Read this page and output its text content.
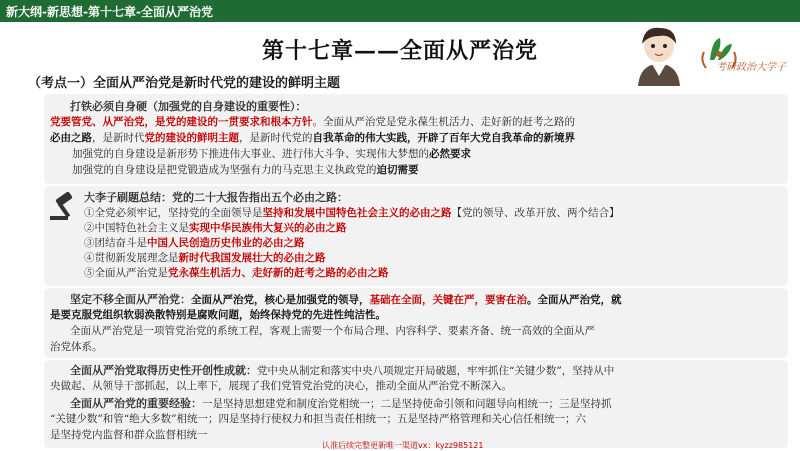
新大纲-新思想-第十七章-全面从严治党
第十七章——全面从严治党
考研政治大学子
（考点一）全面从严治党是新时代党的建设的鲜明主题
打铁必须自身硬（加强党的自身建设的重要性）：
党要管党、从严治党，是党的建设的一贯要求和根本方针。全面从严治党是党永葆生机活力、走好新的赶考之路的
必由之路，是新时代党的建设的鲜明主题，是新时代党的自我革命的伟大实践，开辟了百年大党自我革命的新境界
加强党的自身建设是新形势下推进伟大事业、进行伟大斗争、实现伟大梦想的必然要求
加强党的自身建设是把党锻造成为坚强有力的马克思主义执政党的迫切需要
大李子刷题总结：党的二十大报告指出五个必由之路：
①全党必须牢记，坚持党的全面领导是坚持和发展中国特色社会主义的必由之路【党的领导、改革开放、两个结合】
②中国特色社会主义是实现中华民族伟大复兴的必由之路
③团结奋斗是中国人民创造历史伟业的必由之路
④贯彻新发展理念是新时代我国发展壮大的必由之路
⑤全面从严治党是党永葆生机活力、走好新的赶考之路的必由之路
坚定不移全面从严治党：全面从严治党，核心是加强党的领导，基础在全面，关键在严，要害在治。全面从严治党，就
是要克服党组织软弱涣散特别是腐败问题，始终保持党的先进性纯洁性。
全面从严治党是一项管党治党的系统工程，客观上需要一个布局合理、内容科学、要素齐备、统一高效的全面从严
治党体系。
全面从严治党取得历史性开创性成就：党中央从制定和落实中央八项规定开局破题，牢牢抓住“关键少数”，坚持从中
央做起、从领导干部抓起，以上率下，展现了我们党管党治党的决心，推动全面从严治党不断深入。
全面从严治党的重要经验：一是坚持思想建党和制度治党相统一；二是坚持使命引领和问题导向相统一；三是坚持抓
“关键少数”和管“绝大多数”相统一；四是坚持行使权力和担当责任相统一；五是坚持严格管理和关心信任相统一；六
是坚持党内监督和群众监督相统一
认准后续完整更新唯一渠道vx：kyzz985121
